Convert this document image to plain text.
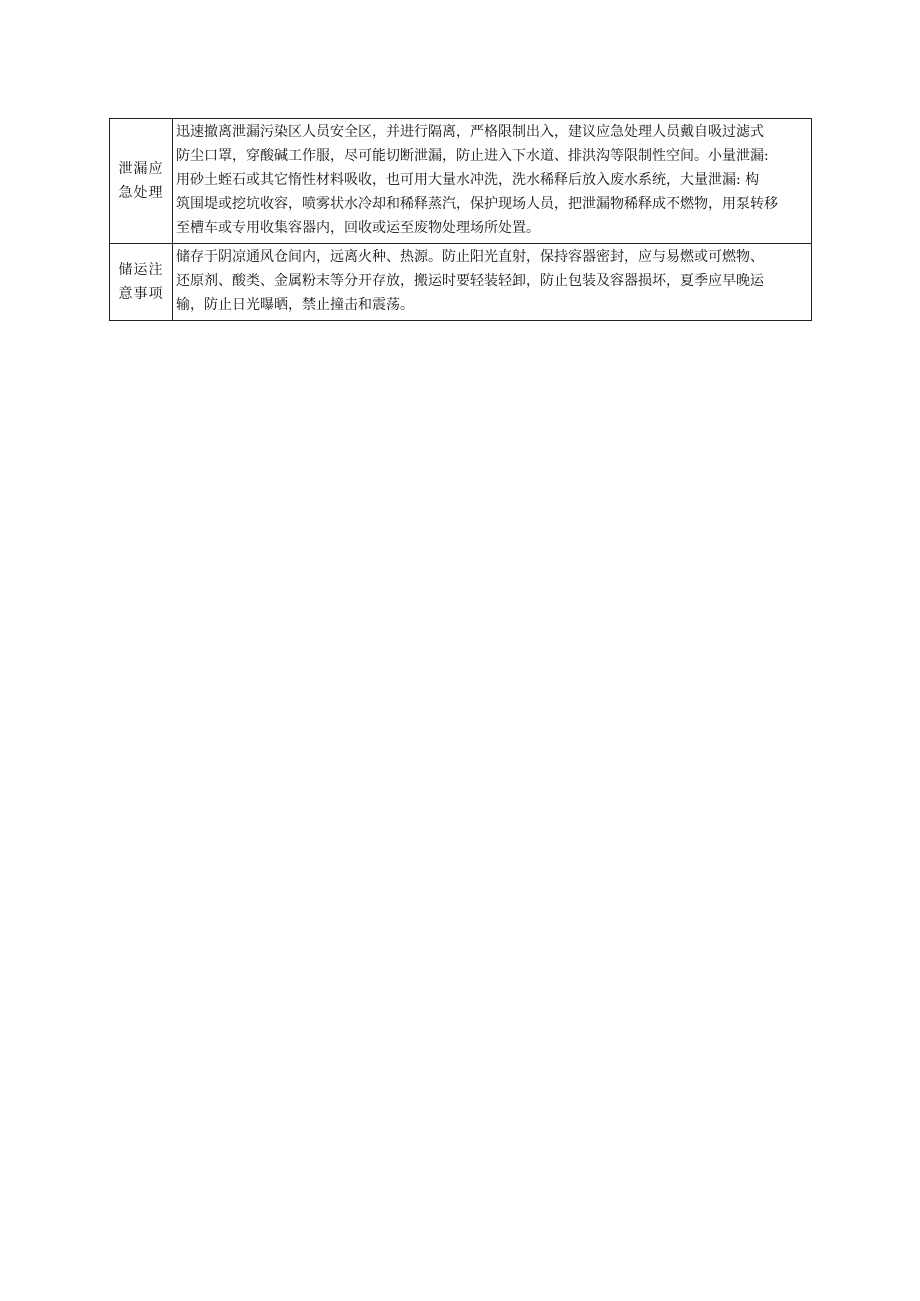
泄漏应
急处理	迅速撤离泄漏污染区人员安全区，并进行隔离，严格限制出入，建议应急处理人员戴自吸过滤式
防尘口罩，穿酸碱工作服，尽可能切断泄漏，防止进入下水道、排洪沟等限制性空间。小量泄漏:
用砂土蛭石或其它惰性材料吸收，也可用大量水冲洗，洗水稀释后放入废水系统，大量泄漏: 构
筑围堤或挖坑收容，喷雾状水冷却和稀释蒸汽，保护现场人员，把泄漏物稀释成不燃物，用泵转移
至槽车或专用收集容器内，回收或运至废物处理场所处置。

储运注
意事项	储存于阴凉通风仓间内，远离火种、热源。防止阳光直射，保持容器密封，应与易燃或可燃物、
还原剂、酸类、金属粉末等分开存放，搬运时要轻装轻卸，防止包装及容器损坏，夏季应早晚运
输，防止日光曝晒，禁止撞击和震荡。
